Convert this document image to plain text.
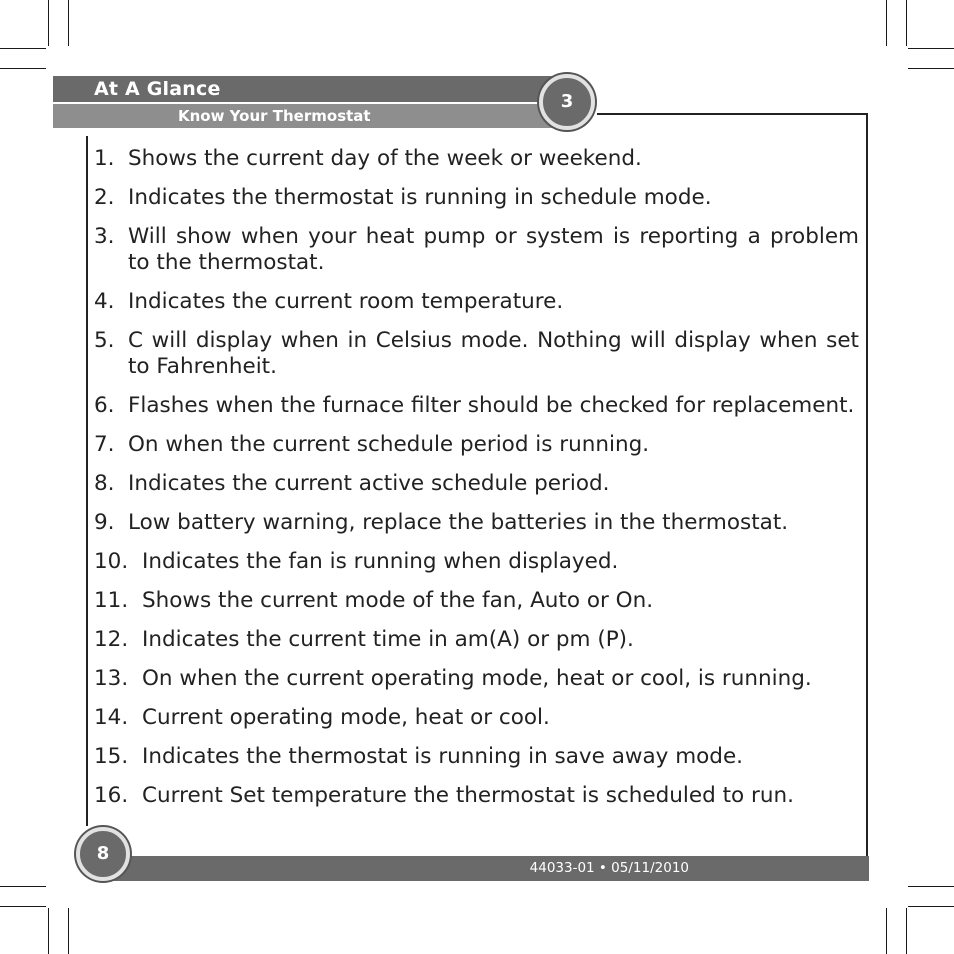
At A Glance
Know Your Thermostat
3
1. Shows the current day of the week or weekend.
2. Indicates the thermostat is running in schedule mode.
3. Will show when your heat pump or system is reporting a problem to the thermostat.
4. Indicates the current room temperature.
5. C will display when in Celsius mode. Nothing will display when set to Fahrenheit.
6. Flashes when the furnace filter should be checked for replacement.
7. On when the current schedule period is running.
8. Indicates the current active schedule period.
9. Low battery warning, replace the batteries in the thermostat.
10. Indicates the fan is running when displayed.
11. Shows the current mode of the fan, Auto or On.
12. Indicates the current time in am(A) or pm (P).
13. On when the current operating mode, heat or cool, is running.
14. Current operating mode, heat or cool.
15. Indicates the thermostat is running in save away mode.
16. Current Set temperature the thermostat is scheduled to run.
44033-01 • 05/11/2010
8
